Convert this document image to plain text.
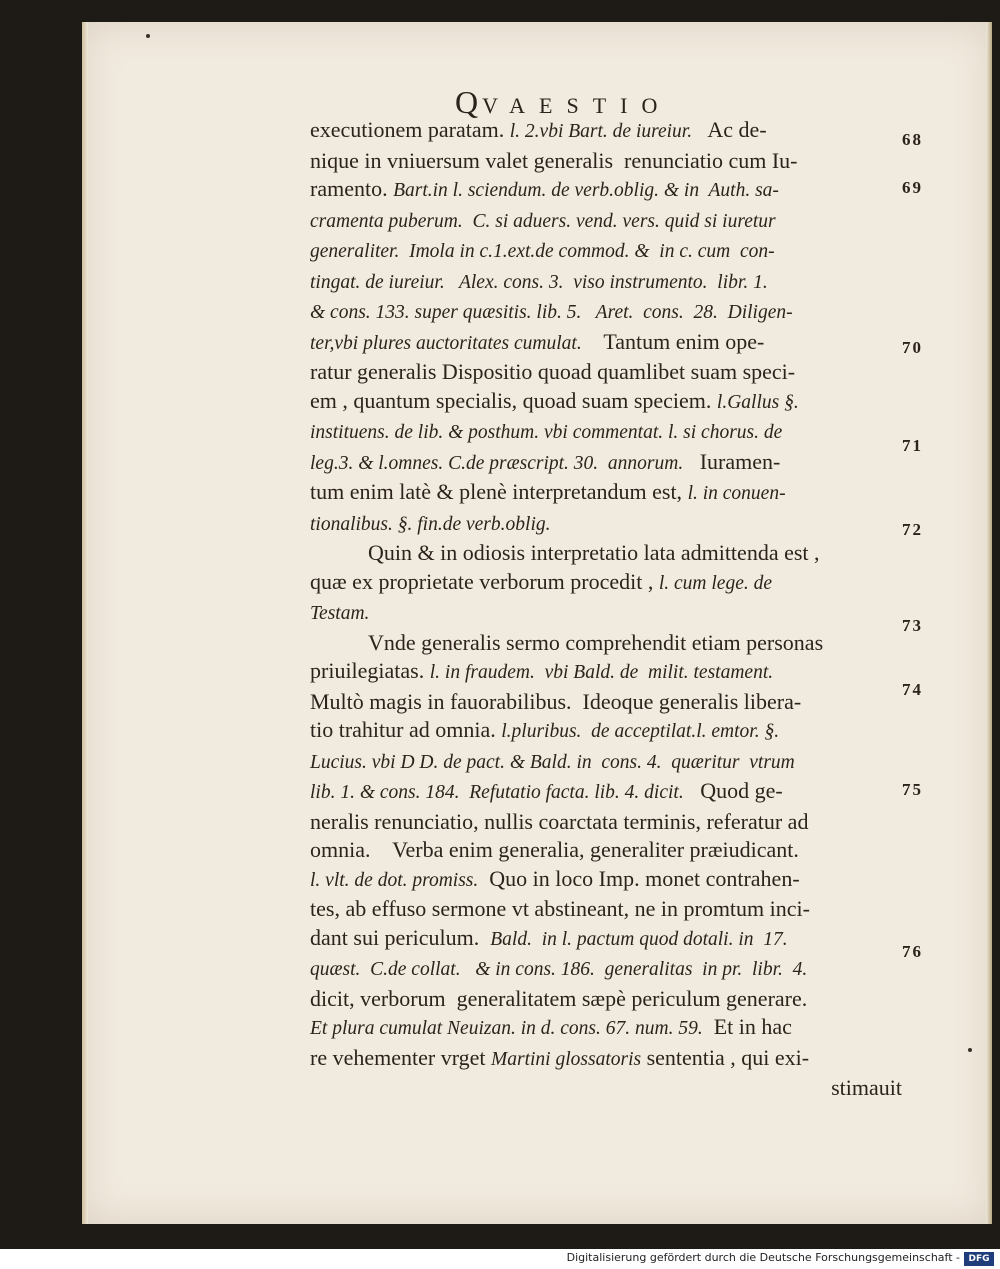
QVAESTIO
executionem paratam. l. 2.vbi Bart. de iureiur.   Ac de-
nique in vniuersum valet generalis  renunciatio cum Iu-
ramento. Bart.in l. sciendum. de verb.oblig. & in  Auth. sa-
cramenta puberum.  C. si aduers. vend. vers. quid si iuretur
generaliter.  Imola in c.1.ext.de commod. &  in c. cum  con-
tingat. de iureiur.   Alex. cons. 3.  viso instrumento.  libr. 1.
& cons. 133. super quæsitis. lib. 5.   Aret.  cons.  28.  Diligen-
ter,vbi plures auctoritates cumulat.    Tantum enim ope-
ratur generalis Dispositio quoad quamlibet suam speci-
em , quantum specialis, quoad suam speciem. l.Gallus §.
instituens. de lib. & posthum. vbi commentat. l. si chorus. de
leg.3. & l.omnes. C.de præscript. 30.  annorum.   Iuramen-
tum enim latè & plenè interpretandum est, l. in conuen-
tionalibus. §. fin.de verb.oblig.
Quin & in odiosis interpretatio lata admittenda est ,
quæ ex proprietate verborum procedit , l. cum lege. de
Testam.
Vnde generalis sermo comprehendit etiam personas
priuilegiatas. l. in fraudem.  vbi Bald. de  milit. testament.
Multò magis in fauorabilibus.  Ideoque generalis libera-
tio trahitur ad omnia. l.pluribus.  de acceptilat.l. emtor. §.
Lucius. vbi D D. de pact. & Bald. in  cons. 4.  quæritur  vtrum
lib. 1. & cons. 184.  Refutatio facta. lib. 4. dicit.   Quod ge-
neralis renunciatio, nullis coarctata terminis, referatur ad
omnia.    Verba enim generalia, generaliter præiudicant.
l. vlt. de dot. promiss.  Quo in loco Imp. monet contrahen-
tes, ab effuso sermone vt abstineant, ne in promtum inci-
dant sui periculum.  Bald.  in l. pactum quod dotali. in  17.
quæst.  C.de collat.   & in cons. 186.  generalitas  in pr.  libr.  4.
dicit, verborum  generalitatem sæpè periculum generare.
Et plura cumulat Neuizan. in d. cons. 67. num. 59.  Et in hac
re vehementer vrget Martini glossatoris sententia , qui exi-
stimauit
68
69
70
71
72
73
74
75
76
Digitalisierung gefördert durch die Deutsche Forschungsgemeinschaft - DFG
